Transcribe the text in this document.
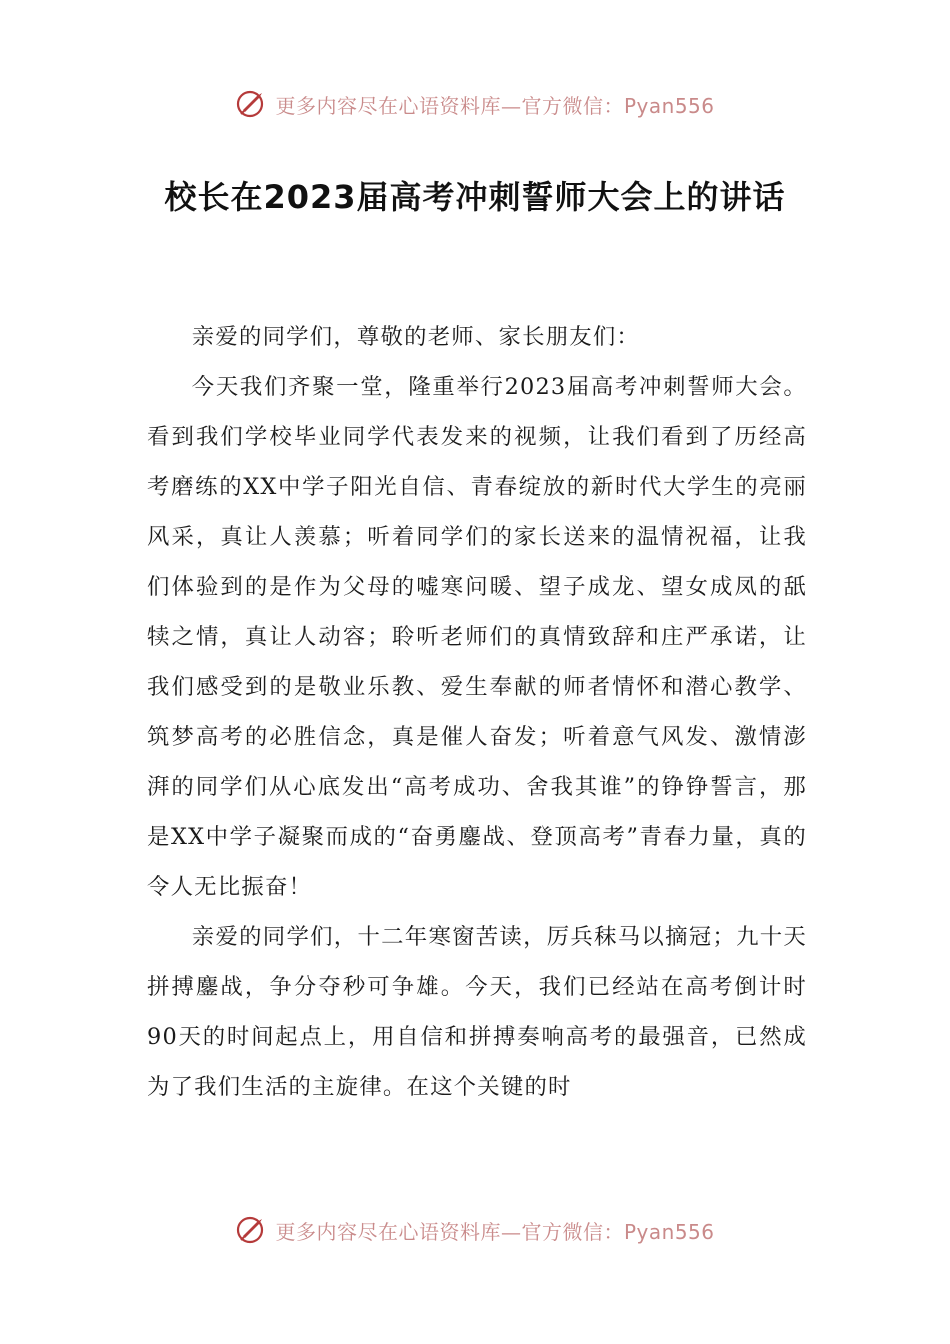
更多内容尽在心语资料库—官方微信：Pyan556
校长在2023届高考冲刺誓师大会上的讲话

亲爱的同学们，尊敬的老师、家长朋友们：

今天我们齐聚一堂，隆重举行2023届高考冲刺誓师大会。看到我们学校毕业同学代表发来的视频，让我们看到了历经高考磨练的XX中学子阳光自信、青春绽放的新时代大学生的亮丽风采，真让人羡慕；听着同学们的家长送来的温情祝福，让我们体验到的是作为父母的嘘寒问暖、望子成龙、望女成凤的舐犊之情，真让人动容；聆听老师们的真情致辞和庄严承诺，让我们感受到的是敬业乐教、爱生奉献的师者情怀和潜心教学、筑梦高考的必胜信念，真是催人奋发；听着意气风发、激情澎湃的同学们从心底发出“高考成功、舍我其谁”的铮铮誓言，那是XX中学子凝聚而成的“奋勇鏖战、登顶高考”青春力量，真的令人无比振奋！

亲爱的同学们，十二年寒窗苦读，厉兵秣马以摘冠；九十天拼搏鏖战，争分夺秒可争雄。今天，我们已经站在高考倒计时90天的时间起点上，用自信和拼搏奏响高考的最强音，已然成为了我们生活的主旋律。在这个关键的时

更多内容尽在心语资料库—官方微信：Pyan556
